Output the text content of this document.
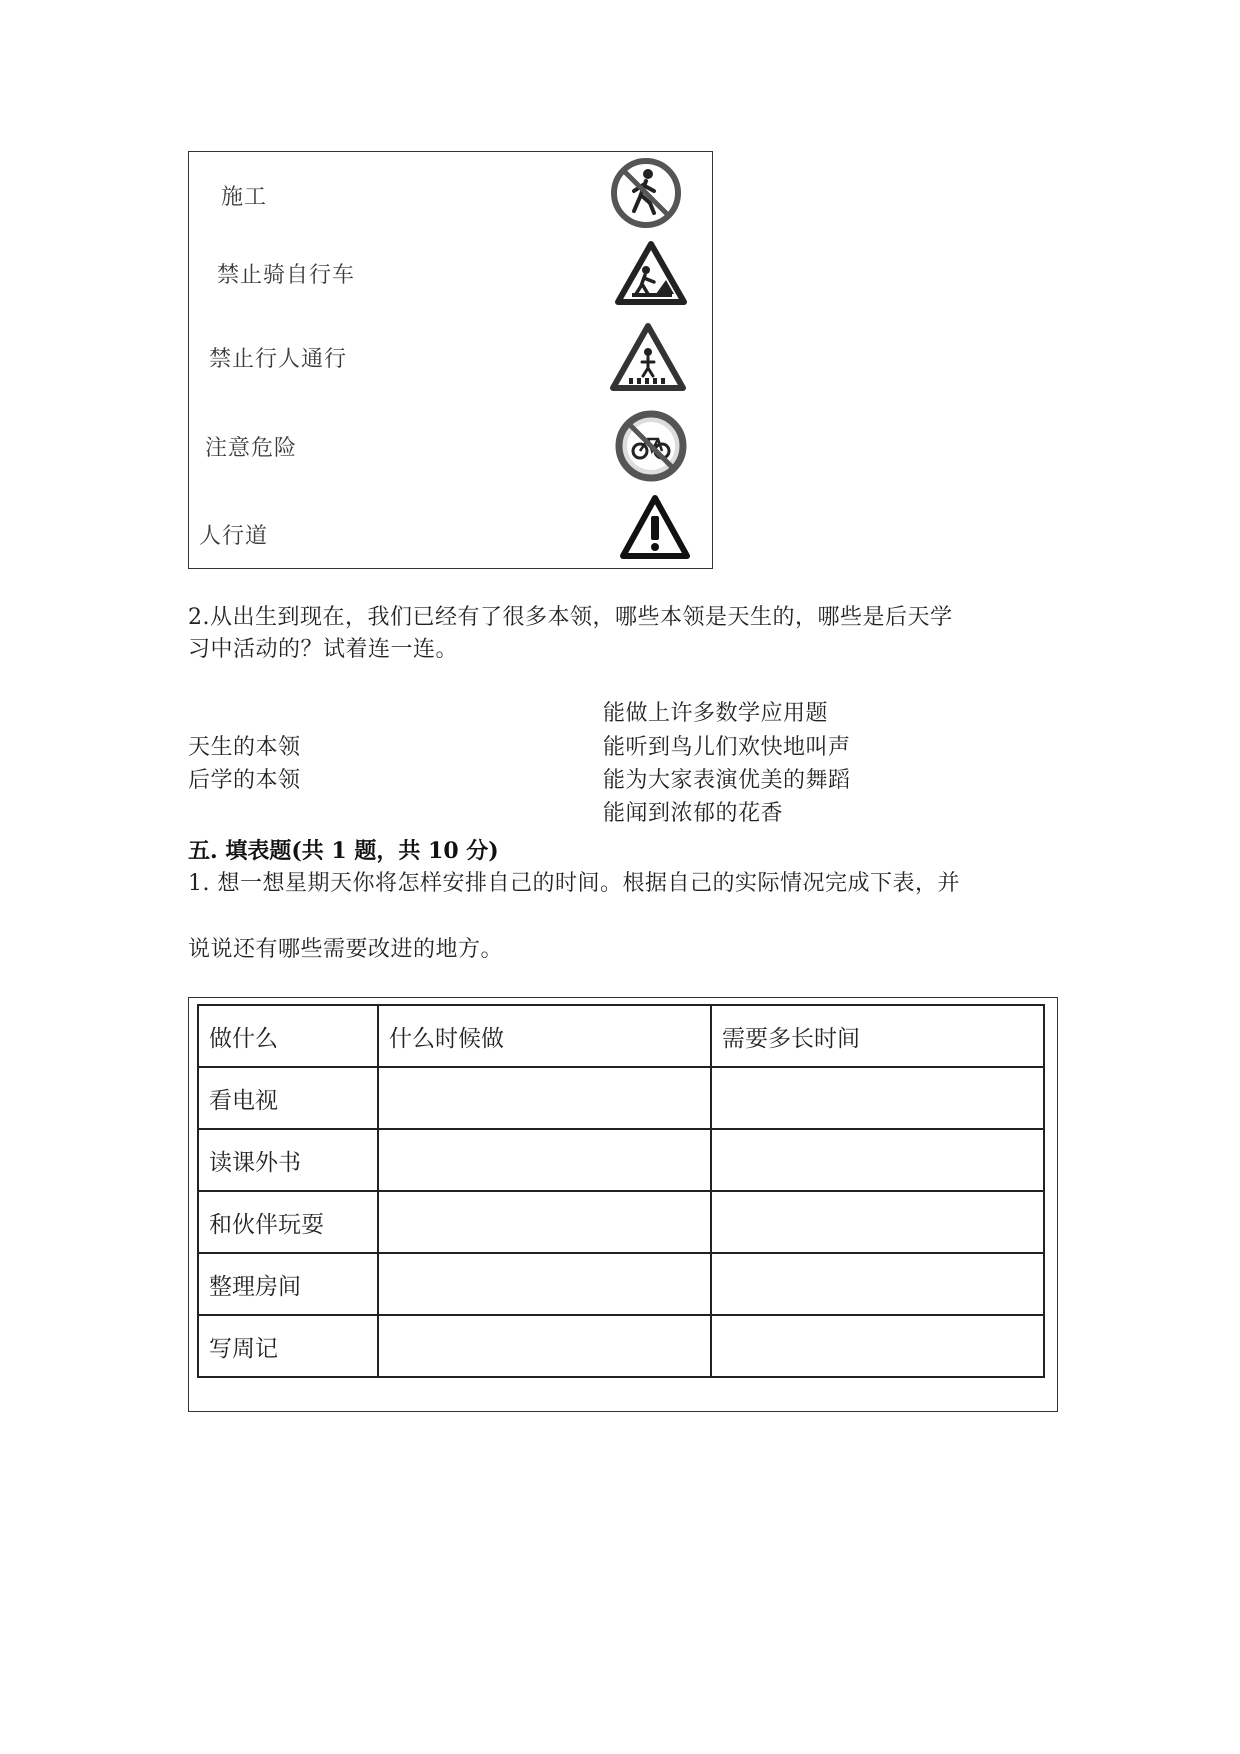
施工
禁止骑自行车
禁止行人通行
注意危险
人行道
2.从出生到现在，我们已经有了很多本领，哪些本领是天生的，哪些是后天学
习中活动的？试着连一连。
能做上许多数学应用题
天生的本领	能听到鸟儿们欢快地叫声
后学的本领	能为大家表演优美的舞蹈
能闻到浓郁的花香
五. 填表题(共 1 题，共 10 分)
1. 想一想星期天你将怎样安排自己的时间。根据自己的实际情况完成下表，并
说说还有哪些需要改进的地方。
做什么	什么时候做	需要多长时间
看电视		
读课外书		
和伙伴玩耍		
整理房间		
写周记		
